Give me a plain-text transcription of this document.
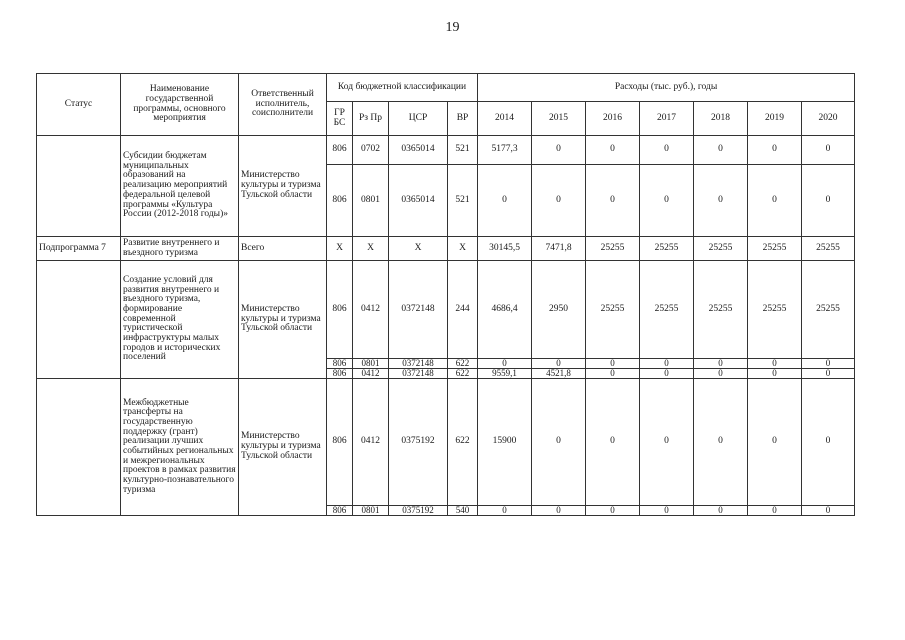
19
Статус	Наименование государственной программы, основного мероприятия	Ответственный исполнитель, соисполнители	Код бюджетной классификации				Расходы (тыс. руб.), годы						
			ГР БС	Рз Пр	ЦСР	ВР	2014	2015	2016	2017	2018	2019	2020
	Субсидии бюджетам муниципальных образований на реализацию мероприятий федеральной целевой программы «Культура России (2012-2018 годы)»	Министерство культуры и туризма Тульской области	806	0702	0365014	521	5177,3	0	0	0	0	0	0
			806	0801	0365014	521	0	0	0	0	0	0	0
Подпрограмма 7	Развитие внутреннего и въездного туризма	Всего	X	X	X	X	30145,5	7471,8	25255	25255	25255	25255	25255
	Создание условий для развития внутреннего и въездного туризма, формирование современной туристической инфраструктуры малых городов и исторических поселений	Министерство культуры и туризма Тульской области	806	0412	0372148	244	4686,4	2950	25255	25255	25255	25255	25255
			806	0801	0372148	622	0	0	0	0	0	0	0
			806	0412	0372148	622	9559,1	4521,8	0	0	0	0	0
	Межбюджетные трансферты на государственную поддержку (грант) реализации лучших событийных региональных и межрегиональных проектов в рамках развития культурно-познавательного туризма	Министерство культуры и туризма Тульской области	806	0412	0375192	622	15900	0	0	0	0	0	0
			806	0801	0375192	540	0	0	0	0	0	0	0
